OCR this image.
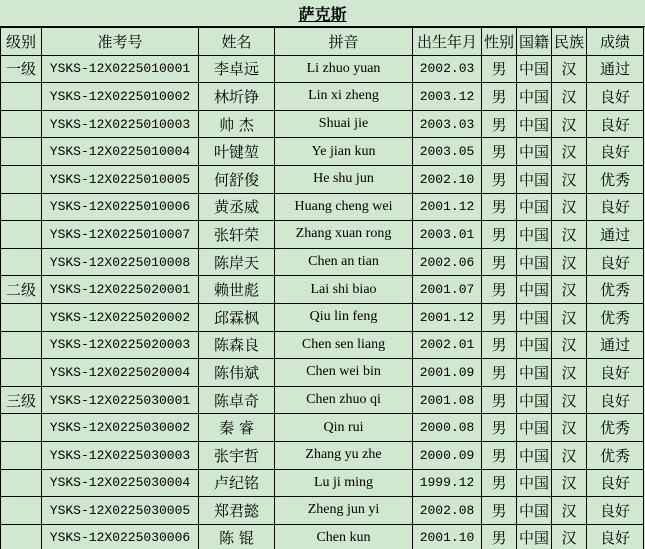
萨克斯
级别	准考号	姓名	拼音	出生年月	性别	国籍	民族	成绩
一级	YSKS-12X0225010001	李卓远	Li zhuo yuan	2002.03	男	中国	汉	通过
	YSKS-12X0225010002	林圻铮	Lin xi zheng	2003.12	男	中国	汉	良好
	YSKS-12X0225010003	帅 杰	Shuai jie	2003.03	男	中国	汉	良好
	YSKS-12X0225010004	叶键堃	Ye jian kun	2003.05	男	中国	汉	良好
	YSKS-12X0225010005	何舒俊	He shu jun	2002.10	男	中国	汉	优秀
	YSKS-12X0225010006	黄丞威	Huang cheng wei	2001.12	男	中国	汉	良好
	YSKS-12X0225010007	张轩荣	Zhang xuan rong	2003.01	男	中国	汉	通过
	YSKS-12X0225010008	陈岸天	Chen an tian	2002.06	男	中国	汉	良好
二级	YSKS-12X0225020001	赖世彪	Lai shi biao	2001.07	男	中国	汉	优秀
	YSKS-12X0225020002	邱霖枫	Qiu lin feng	2001.12	男	中国	汉	优秀
	YSKS-12X0225020003	陈森良	Chen sen liang	2002.01	男	中国	汉	通过
	YSKS-12X0225020004	陈伟斌	Chen wei bin	2001.09	男	中国	汉	良好
三级	YSKS-12X0225030001	陈卓奇	Chen zhuo qi	2001.08	男	中国	汉	良好
	YSKS-12X0225030002	秦 睿	Qin rui	2000.08	男	中国	汉	优秀
	YSKS-12X0225030003	张宇哲	Zhang yu zhe	2000.09	男	中国	汉	优秀
	YSKS-12X0225030004	卢纪铭	Lu ji ming	1999.12	男	中国	汉	良好
	YSKS-12X0225030005	郑君懿	Zheng jun yi	2002.08	男	中国	汉	良好
	YSKS-12X0225030006	陈 锟	Chen kun	2001.10	男	中国	汉	良好
